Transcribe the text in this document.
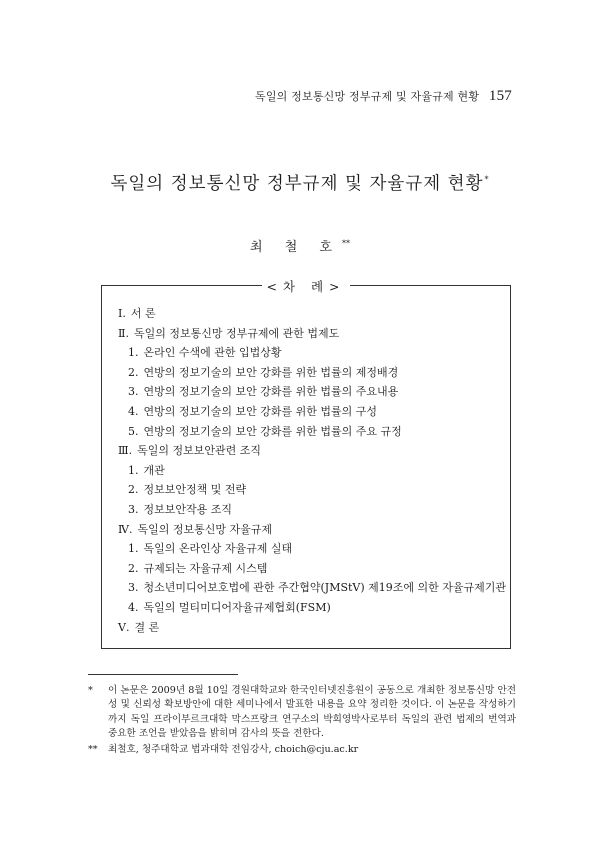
독일의 정보통신망 정부규제 및 자율규제 현황 157
독일의 정보통신망 정부규제 및 자율규제 현황*
최 철 호**
<차 례>
Ⅰ. 서 론
Ⅱ. 독일의 정보통신망 정부규제에 관한 법제도
1. 온라인 수색에 관한 입법상황
2. 연방의 정보기술의 보안 강화를 위한 법률의 제정배경
3. 연방의 정보기술의 보안 강화를 위한 법률의 주요내용
4. 연방의 정보기술의 보안 강화를 위한 법률의 구성
5. 연방의 정보기술의 보안 강화를 위한 법률의 주요 규정
Ⅲ. 독일의 정보보안관련 조직
1. 개관
2. 정보보안정책 및 전략
3. 정보보안작용 조직
Ⅳ. 독일의 정보통신망 자율규제
1. 독일의 온라인상 자율규제 실태
2. 규제되는 자율규제 시스템
3. 청소년미디어보호법에 관한 주간협약(JMStV) 제19조에 의한 자율규제기관
4. 독일의 멀티미디어자율규제협회(FSM)
Ⅴ. 결 론
*	이 논문은 2009년 8월 10일 경원대학교와 한국인터넷진흥원이 공동으로 개최한 정보통신망 안전성 및 신뢰성 확보방안에 대한 세미나에서 발표한 내용을 요약 정리한 것이다. 이 논문을 작성하기까지 독일 프라이부르크대학 막스프랑크 연구소의 박희영박사로부터 독일의 관련 법제의 번역과 중요한 조언을 받았음을 밝히며 감사의 뜻을 전한다.
**	최철호, 청주대학교 법과대학 전임강사, choich@cju.ac.kr
